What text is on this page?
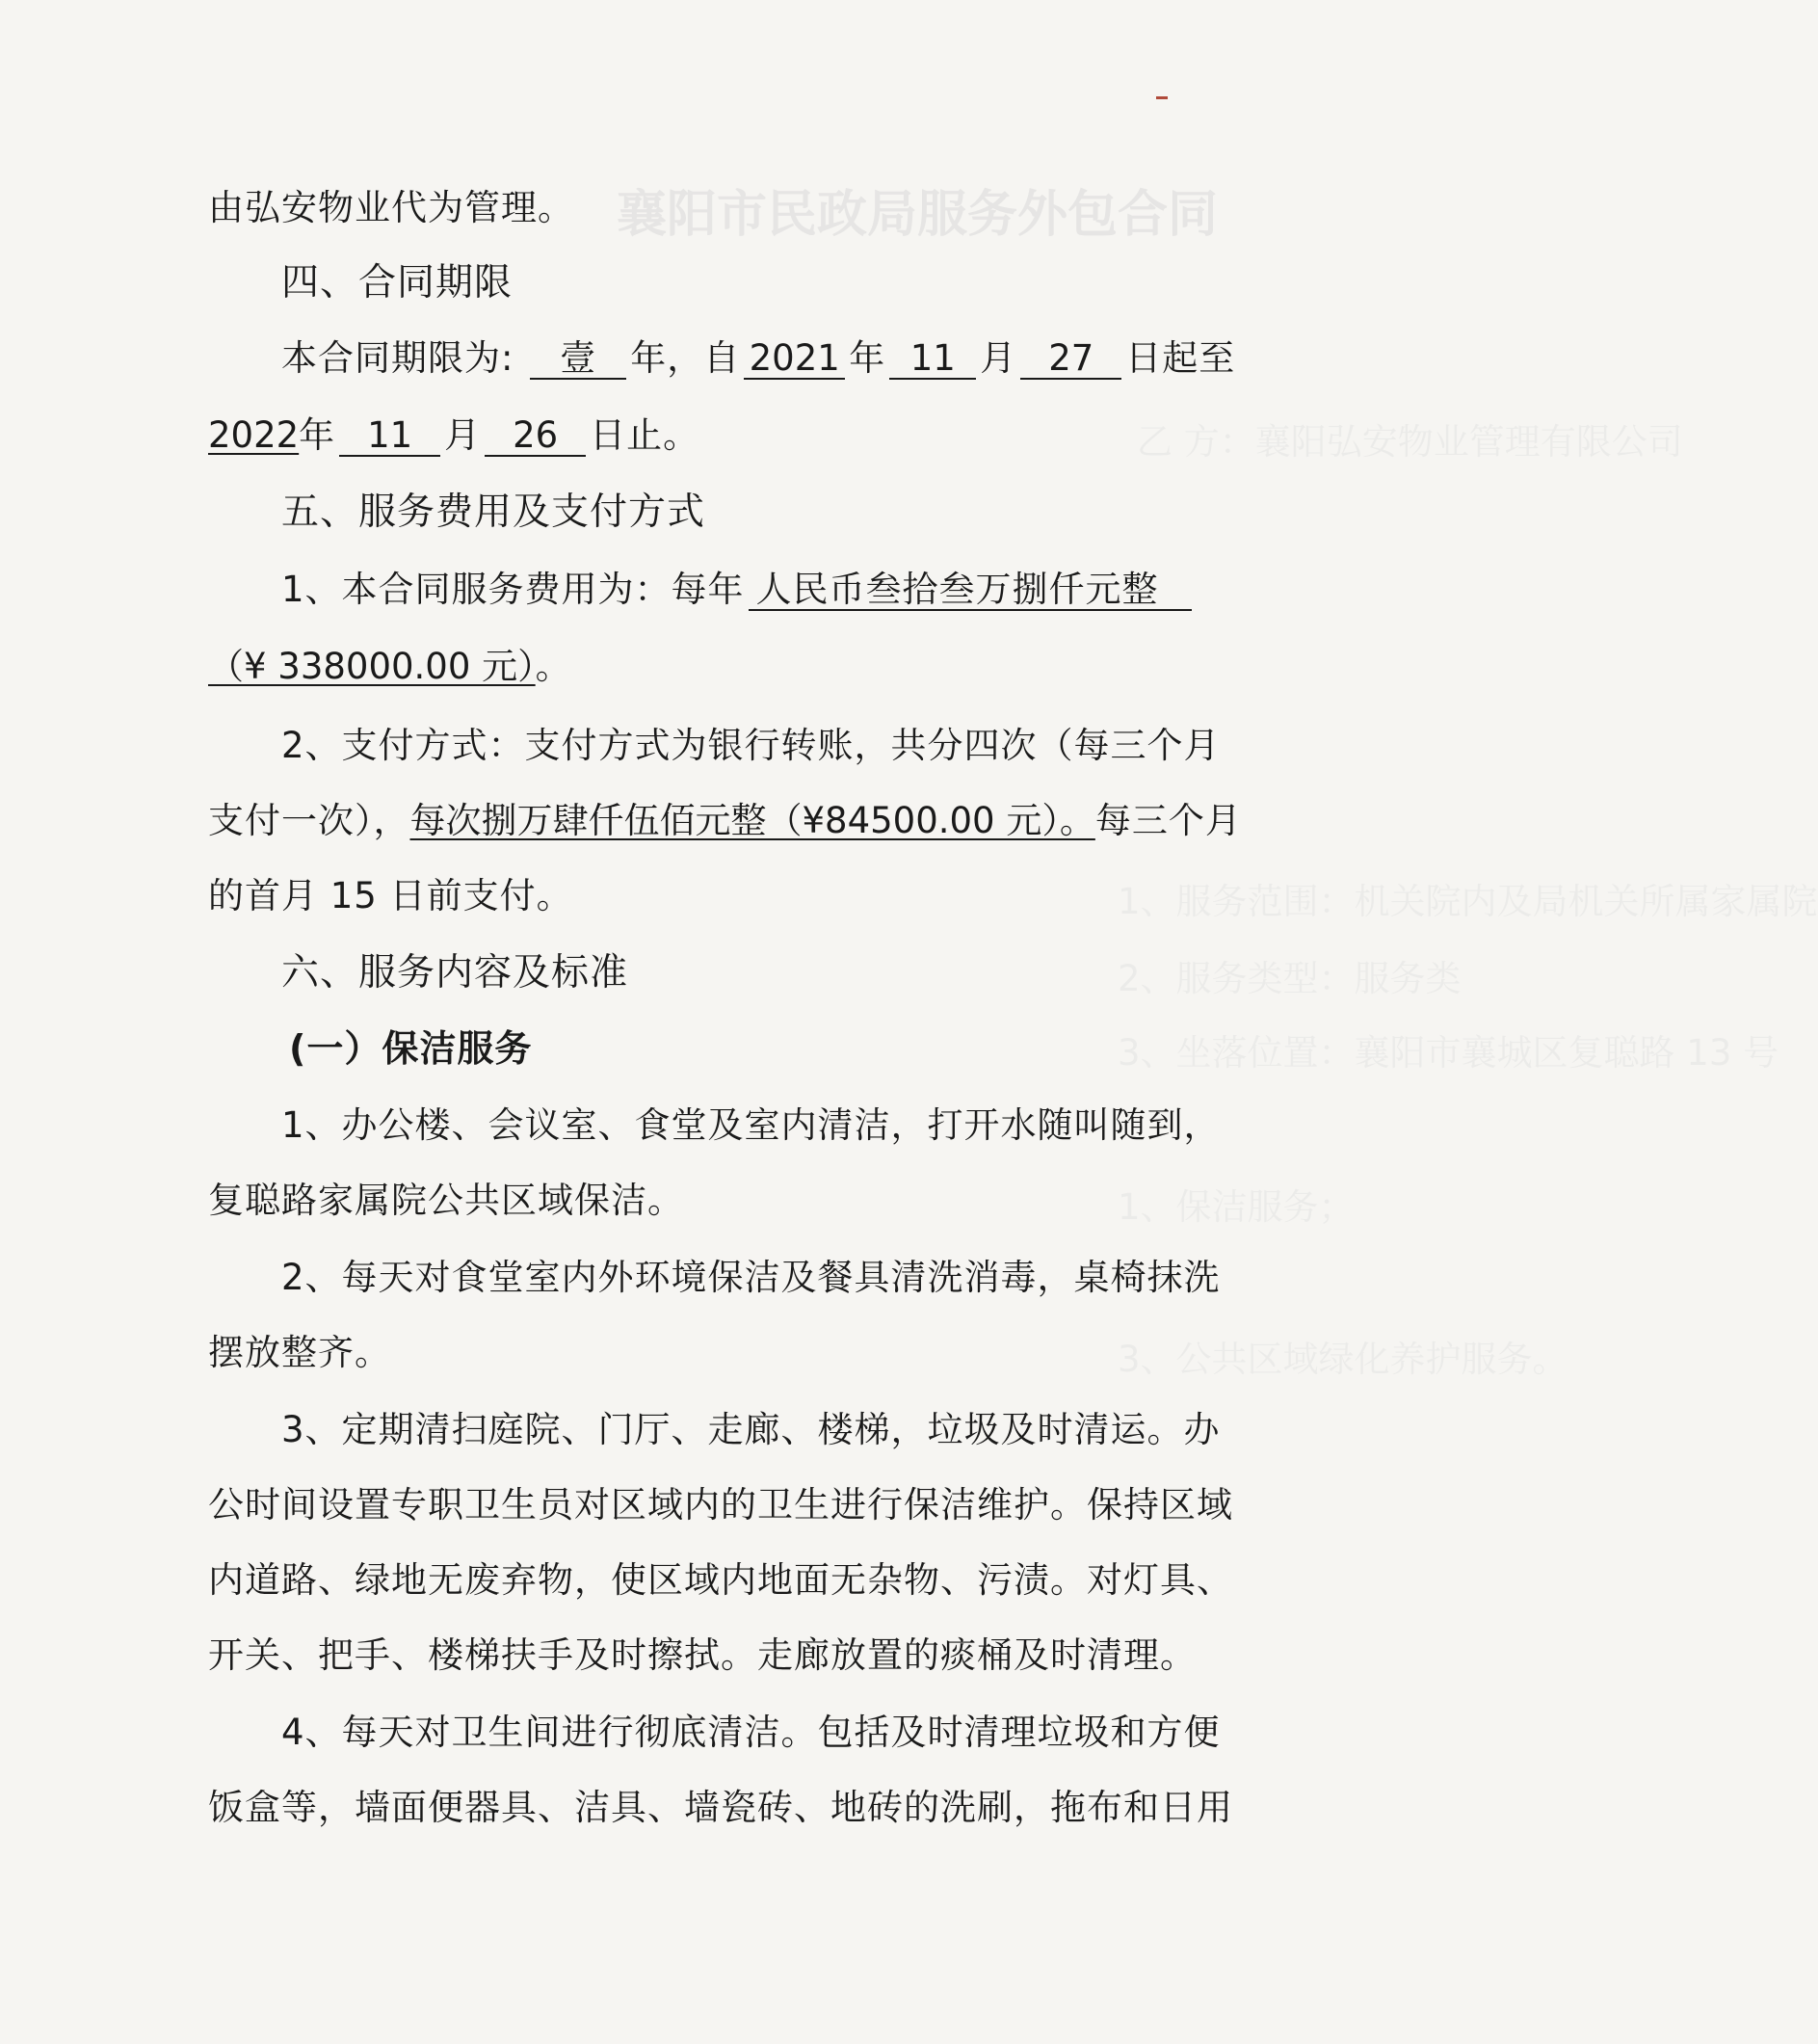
襄阳市民政局服务外包合同
乙 方：襄阳弘安物业管理有限公司
1、服务范围：机关院内及局机关所属家属院
2、服务类型：服务类
3、坐落位置：襄阳市襄城区复聪路 13 号
1、保洁服务；
3、公共区域绿化养护服务。
由弘安物业代为管理。
四、合同期限
本合同期限为: 壹 年，自 2021 年 11 月 27 日起至
2022年 11 月 26 日止。
五、服务费用及支付方式
1、本合同服务费用为：每年 人民币叁拾叁万捌仟元整
（¥ 338000.00 元）。
2、支付方式：支付方式为银行转账，共分四次（每三个月
支付一次），每次捌万肆仟伍佰元整（¥84500.00 元）。每三个月
的首月 15 日前支付。
六、服务内容及标准
(一）保洁服务
1、办公楼、会议室、食堂及室内清洁，打开水随叫随到，
复聪路家属院公共区域保洁。
2、每天对食堂室内外环境保洁及餐具清洗消毒，桌椅抹洗
摆放整齐。
3、定期清扫庭院、门厅、走廊、楼梯，垃圾及时清运。办
公时间设置专职卫生员对区域内的卫生进行保洁维护。保持区域
内道路、绿地无废弃物，使区域内地面无杂物、污渍。对灯具、
开关、把手、楼梯扶手及时擦拭。走廊放置的痰桶及时清理。
4、每天对卫生间进行彻底清洁。包括及时清理垃圾和方便
饭盒等，墙面便器具、洁具、墙瓷砖、地砖的洗刷，拖布和日用
